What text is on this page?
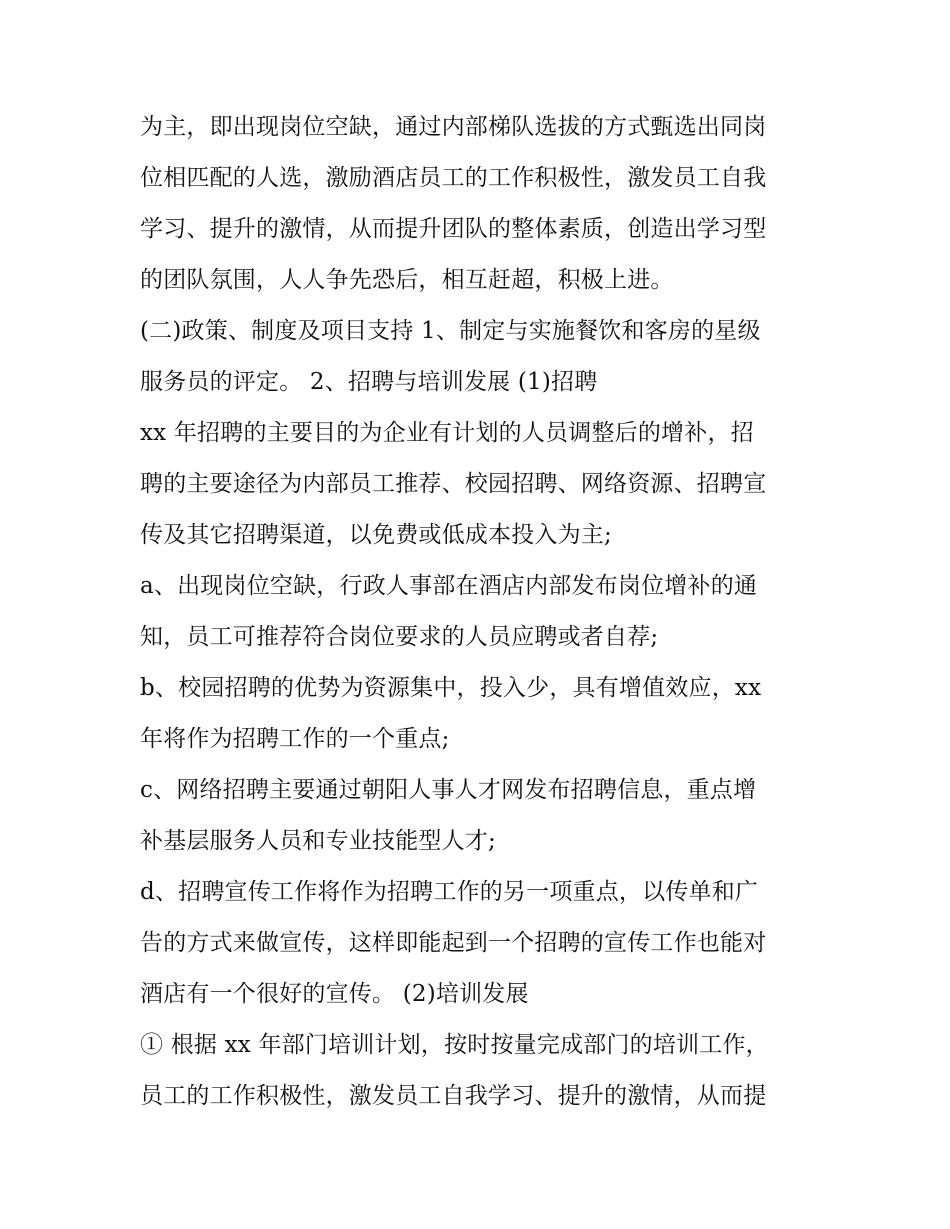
为主，即出现岗位空缺，通过内部梯队选拔的方式甄选出同岗
位相匹配的人选，激励酒店员工的工作积极性，激发员工自我
学习、提升的激情，从而提升团队的整体素质，创造出学习型
的团队氛围，人人争先恐后，相互赶超，积极上进。
(二)政策、制度及项目支持 1、制定与实施餐饮和客房的星级
服务员的评定。 2、招聘与培训发展 (1)招聘
xx 年招聘的主要目的为企业有计划的人员调整后的增补，招
聘的主要途径为内部员工推荐、校园招聘、网络资源、招聘宣
传及其它招聘渠道，以免费或低成本投入为主;
a、出现岗位空缺，行政人事部在酒店内部发布岗位增补的通
知，员工可推荐符合岗位要求的人员应聘或者自荐;
b、校园招聘的优势为资源集中，投入少，具有增值效应，xx
年将作为招聘工作的一个重点;
c、网络招聘主要通过朝阳人事人才网发布招聘信息，重点增
补基层服务人员和专业技能型人才;
d、招聘宣传工作将作为招聘工作的另一项重点，以传单和广
告的方式来做宣传，这样即能起到一个招聘的宣传工作也能对
酒店有一个很好的宣传。 (2)培训发展
① 根据 xx 年部门培训计划，按时按量完成部门的培训工作，
员工的工作积极性，激发员工自我学习、提升的激情，从而提
